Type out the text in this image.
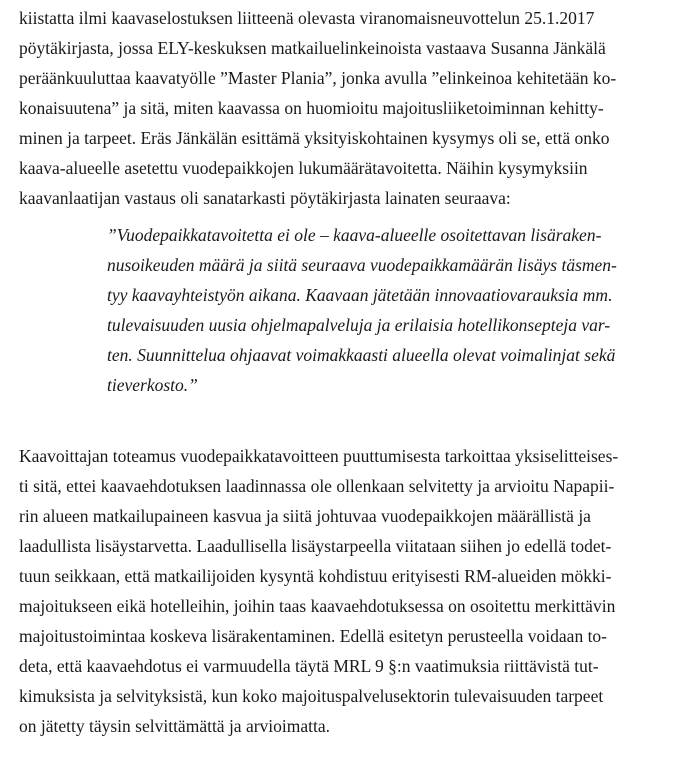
kiistatta ilmi kaavaselostuksen liitteenä olevasta viranomaisneuvottelun 25.1.2017
pöytäkirjasta, jossa ELY-keskuksen matkailuelinkeinoista vastaava Susanna Jänkälä
peräänkuuluttaa kaavatyölle ”Master Planiа”, jonka avulla ”elinkeinoa kehitetään ko-
konaisuutena” ja sitä, miten kaavassa on huomioitu majoitusliiketoiminnan kehitty-
minen ja tarpeet. Eräs Jänkälän esittämä yksityiskohtainen kysymys oli se, että onko
kaava-alueelle asetettu vuodepaikkojen lukumäärätavoitetta. Näihin kysymyksiin
kaavanlaatijan vastaus oli sanatarkasti pöytäkirjasta lainaten seuraava:
”Vuodepaikkatavoitetta ei ole – kaava-alueelle osoitettavan lisäraken-
nusoikeuden määrä ja siitä seuraava vuodepaikkamäärän lisäys täsmen-
tyy kaavayhteistyön aikana. Kaavaan jätetään innovaatiovarauksia mm.
tulevaisuuden uusia ohjelmapalveluja ja erilaisia hotellikonseptejа var-
ten. Suunnittelua ohjaavat voimakkaasti alueella olevat voimalinjat sekä
tieverkosto.”
Kaavoittajan toteamus vuodepaikkatavoitteen puuttumisesta tarkoittaa yksiselitteises-
ti sitä, ettei kaavaehdotuksen laadinnassa ole ollenkaan selvitetty ja arvioitu Napapii-
rin alueen matkailupaineen kasvua ja siitä johtuvaa vuodepaikkojen määrällistä ja
laadullista lisäystarvetta. Laadullisella lisäystarpeella viitataan siihen jo edellä todet-
tuun seikkaan, että matkailijoiden kysyntä kohdistuu erityisesti RM-alueiden mökki-
majoitukseen eikä hotelleihin, joihin taas kaavaehdotuksessa on osoitettu merkittävin
majoitustoimintaa koskeva lisärakentaminen. Edellä esitetyn perusteella voidaan to-
deta, että kaavaehdotus ei varmuudella täytä MRL 9 §:n vaatimuksia riittävistä tut-
kimuksista ja selvityksistä, kun koko majoituspalvelusektorin tulevaisuuden tarpeet
on jätetty täysin selvittämättä ja arvioimatta.
